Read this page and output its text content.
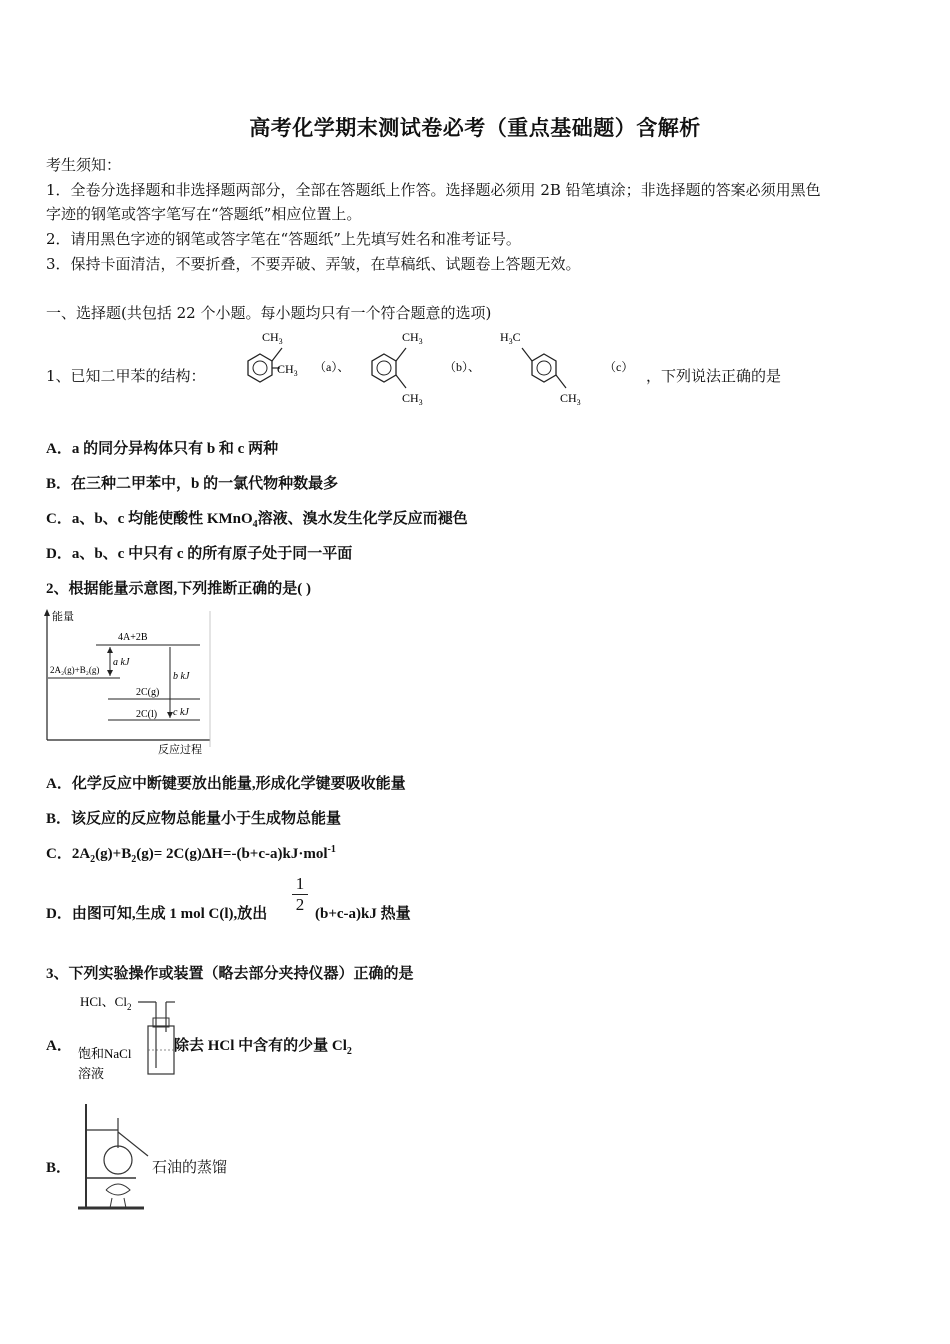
高考化学期末测试卷必考（重点基础题）含解析
考生须知：
1．全卷分选择题和非选择题两部分，全部在答题纸上作答。选择题必须用 2B 铅笔填涂；非选择题的答案必须用黑色
字迹的钢笔或答字笔写在“答题纸”相应位置上。
2．请用黑色字迹的钢笔或答字笔在“答题纸”上先填写姓名和准考证号。
3．保持卡面清洁，不要折叠，不要弄破、弄皱，在草稿纸、试题卷上答题无效。
一、选择题(共包括 22 个小题。每小题均只有一个符合题意的选项)
1、已知二甲苯的结构：
$CH_3$
$CH_3$ （a）、
$CH_3$
$CH_3$
（b）、
$H_3C$
$CH_3$
（c） ，下列说法正确的是
A．a 的同分异构体只有 b 和 c 两种
B．在三种二甲苯中，b 的一氯代物种数最多
C．a、b、c 均能使酸性 KMnO$_4$溶液、溴水发生化学反应而褪色
D．a、b、c 中只有 c 的所有原子处于同一平面
2、根据能量示意图,下列推断正确的是( )
能量
反应过程
4A+2B
2A₂(g)+B₂(g)
2C(g)
2C(l)
a kJ
b kJ
c kJ
A．化学反应中断键要放出能量,形成化学键要吸收能量
B．该反应的反应物总能量小于生成物总能量
C．$2A_2(g)+B_2(g)= 2C(g)\Delta H=-(b+c-a)kJ\cdot mol^{-1}$
D．由图可知,生成 1 mol C(l),放出
1
2 (b+c-a)kJ 热量
3、下列实验操作或装置（略去部分夹持仪器）正确的是
A．
HCl、$Cl_2$
饱和NaCl
溶液
除去 HCl 中含有的少量 $Cl_2$
B．	石油的蒸馏
